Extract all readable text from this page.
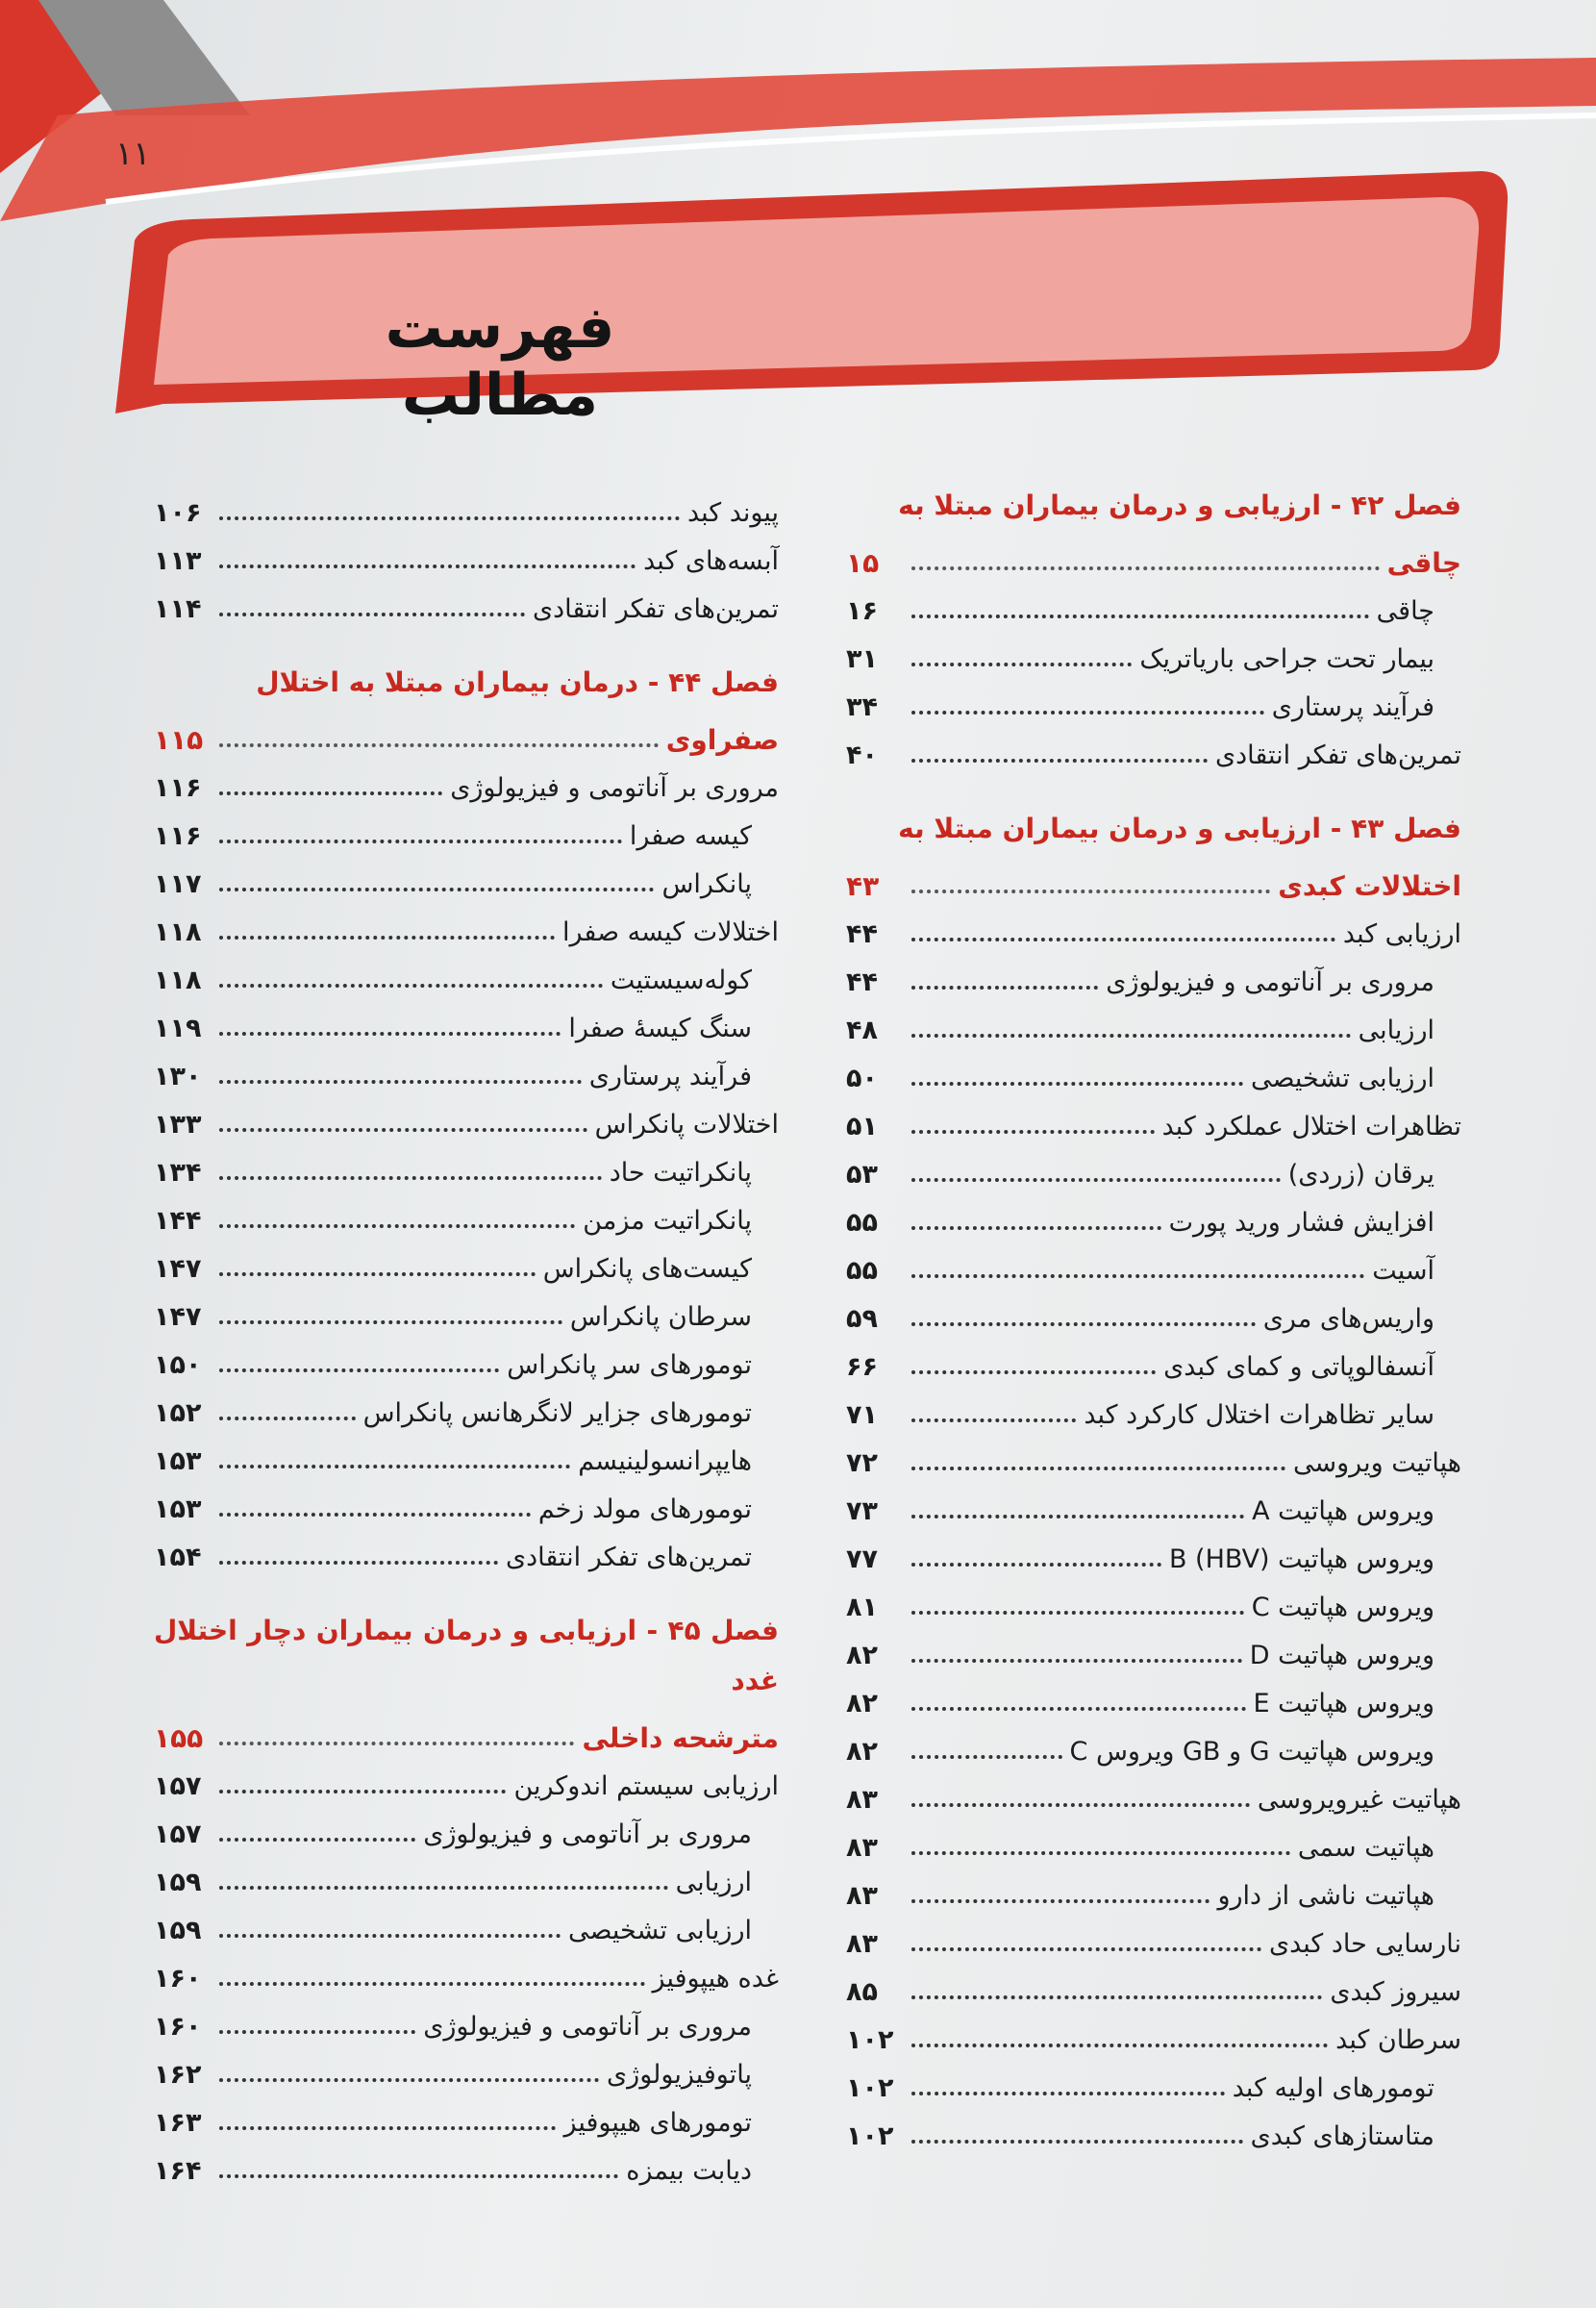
۱۱
فهرست مطالب
فصل ۴۲ - ارزیابی و درمان بیماران مبتلا به
چاقی
۱۵
چاقی
۱۶
بیمار تحت جراحی باریاتریک
۳۱
فرآیند پرستاری
۳۴
تمرین‌های تفکر انتقادی
۴۰
فصل ۴۳ - ارزیابی و درمان بیماران مبتلا به
اختلالات کبدی
۴۳
ارزیابی کبد
۴۴
مروری بر آناتومی و فیزیولوژی
۴۴
ارزیابی
۴۸
ارزیابی تشخیصی
۵۰
تظاهرات اختلال عملکرد کبد
۵۱
یرقان (زردی)
۵۳
افزایش فشار ورید پورت
۵۵
آسیت
۵۵
واریس‌های مری
۵۹
آنسفالوپاتی و کمای کبدی
۶۶
سایر تظاهرات اختلال کارکرد کبد
۷۱
هپاتیت ویروسی
۷۲
ویروس هپاتیت A
۷۳
ویروس هپاتیت B (HBV)
۷۷
ویروس هپاتیت C
۸۱
ویروس هپاتیت D
۸۲
ویروس هپاتیت E
۸۲
ویروس هپاتیت G و GB ویروس C
۸۲
هپاتیت غیرویروسی
۸۳
هپاتیت سمی
۸۳
هپاتیت ناشی از دارو
۸۳
نارسایی حاد کبدی
۸۳
سیروز کبدی
۸۵
سرطان کبد
۱۰۲
تومورهای اولیه کبد
۱۰۲
متاستازهای کبدی
۱۰۲
پیوند کبد
۱۰۶
آبسه‌های کبد
۱۱۳
تمرین‌های تفکر انتقادی
۱۱۴
فصل ۴۴ - درمان بیماران مبتلا به اختلال
صفراوی
۱۱۵
مروری بر آناتومی و فیزیولوژی
۱۱۶
کیسه صفرا
۱۱۶
پانکراس
۱۱۷
اختلالات کیسه صفرا
۱۱۸
کوله‌سیستیت
۱۱۸
سنگ کیسهٔ صفرا
۱۱۹
فرآیند پرستاری
۱۳۰
اختلالات پانکراس
۱۳۳
پانکراتیت حاد
۱۳۴
پانکراتیت مزمن
۱۴۴
کیست‌های پانکراس
۱۴۷
سرطان پانکراس
۱۴۷
تومورهای سر پانکراس
۱۵۰
تومورهای جزایر لانگرهانس پانکراس
۱۵۲
هایپرانسولینیسم
۱۵۳
تومورهای مولد زخم
۱۵۳
تمرین‌های تفکر انتقادی
۱۵۴
فصل ۴۵ - ارزیابی و درمان بیماران دچار اختلال غدد
مترشحه داخلی
۱۵۵
ارزیابی سیستم اندوکرین
۱۵۷
مروری بر آناتومی و فیزیولوژی
۱۵۷
ارزیابی
۱۵۹
ارزیابی تشخیصی
۱۵۹
غده هیپوفیز
۱۶۰
مروری بر آناتومی و فیزیولوژی
۱۶۰
پاتوفیزیولوژی
۱۶۲
تومورهای هیپوفیز
۱۶۳
دیابت بیمزه
۱۶۴
